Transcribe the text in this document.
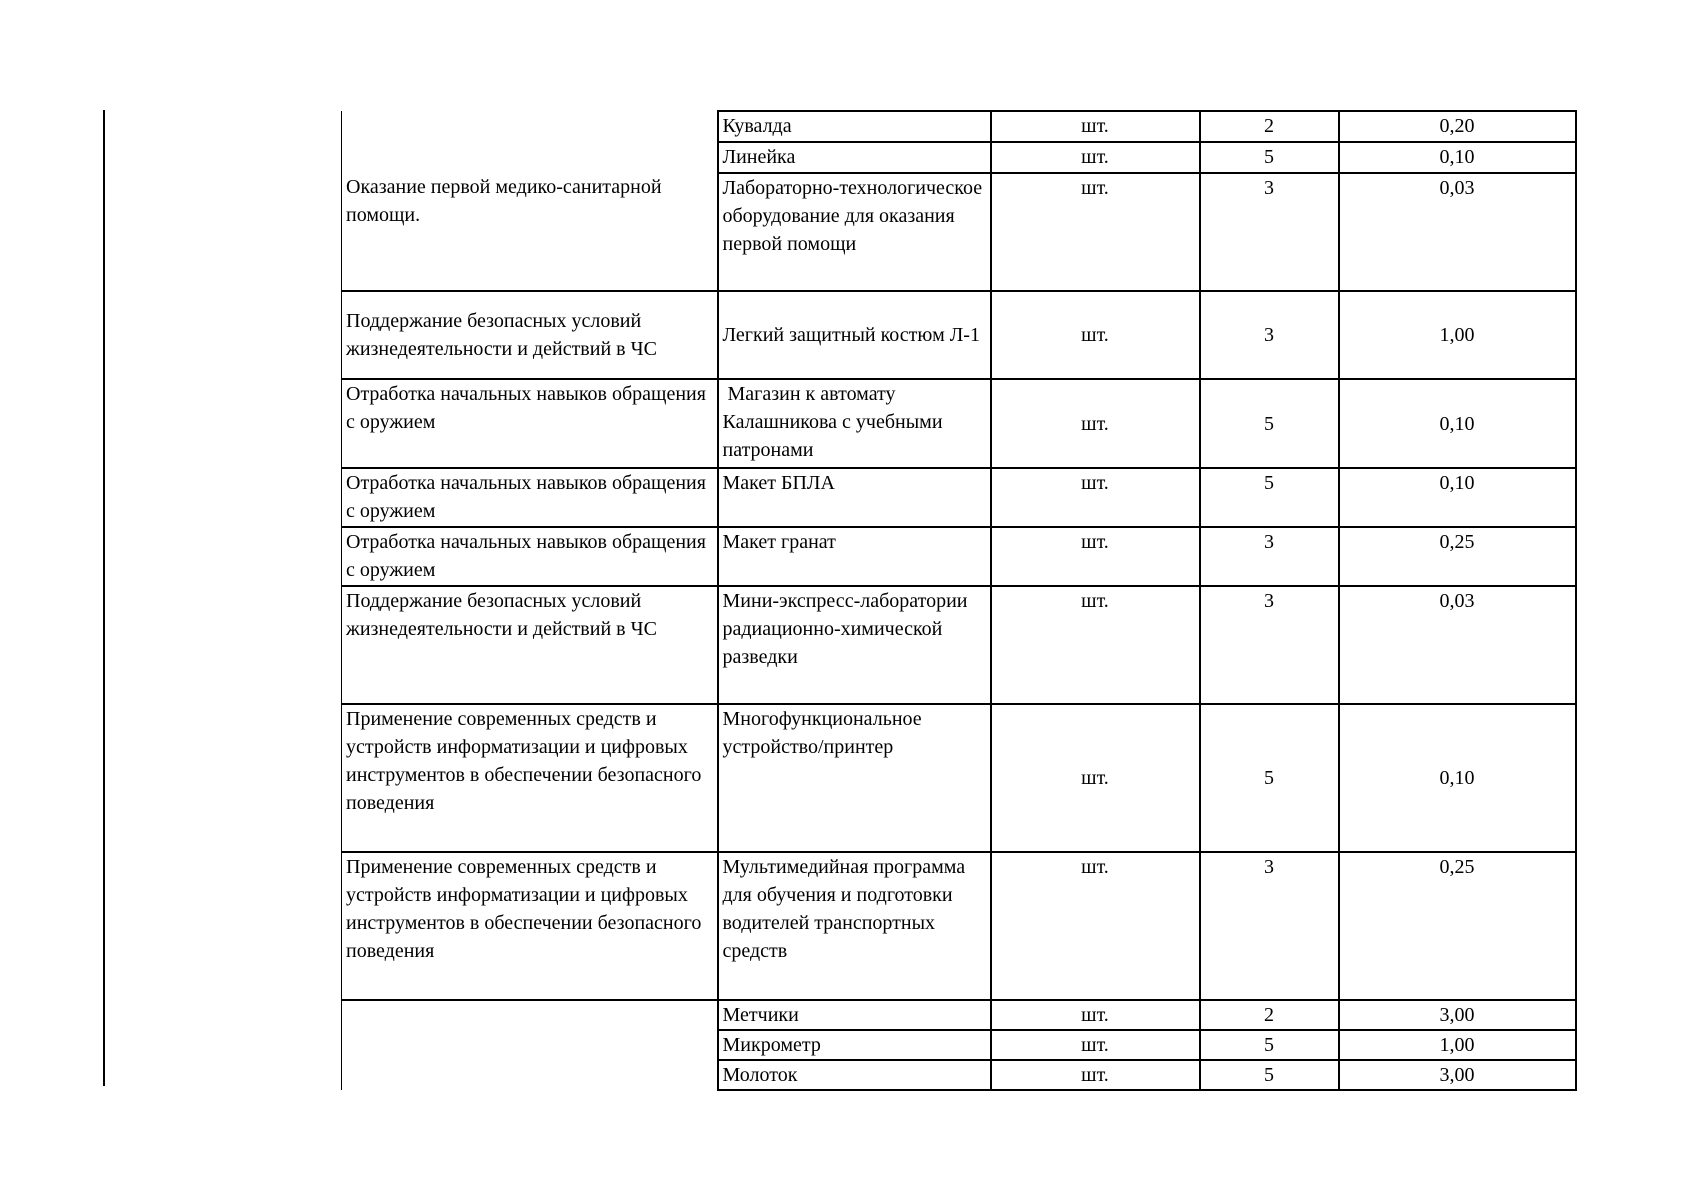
	Кувалда	шт.	2	0,20
	Линейка	шт.	5	0,10
Оказание первой медико-санитарной помощи.	Лабораторно-технологическое оборудование для оказания первой помощи	шт.	3	0,03
Поддержание безопасных условий жизнедеятельности и действий в ЧС	Легкий защитный костюм Л-1	шт.	3	1,00
Отработка начальных навыков обращения с оружием	Магазин к автомату Калашникова с учебными патронами	шт.	5	0,10
Отработка начальных навыков обращения с оружием	Макет БПЛА	шт.	5	0,10
Отработка начальных навыков обращения с оружием	Макет гранат	шт.	3	0,25
Поддержание безопасных условий жизнедеятельности и действий в ЧС	Мини-экспресс-лаборатории радиационно-химической разведки	шт.	3	0,03
Применение современных средств и устройств информатизации и цифровых инструментов в обеспечении безопасного поведения	Многофункциональное устройство/принтер	шт.	5	0,10
Применение современных средств и устройств информатизации и цифровых инструментов в обеспечении безопасного поведения	Мультимедийная программа для обучения и подготовки водителей транспортных средств	шт.	3	0,25
	Метчики	шт.	2	3,00
	Микрометр	шт.	5	1,00
	Молоток	шт.	5	3,00
